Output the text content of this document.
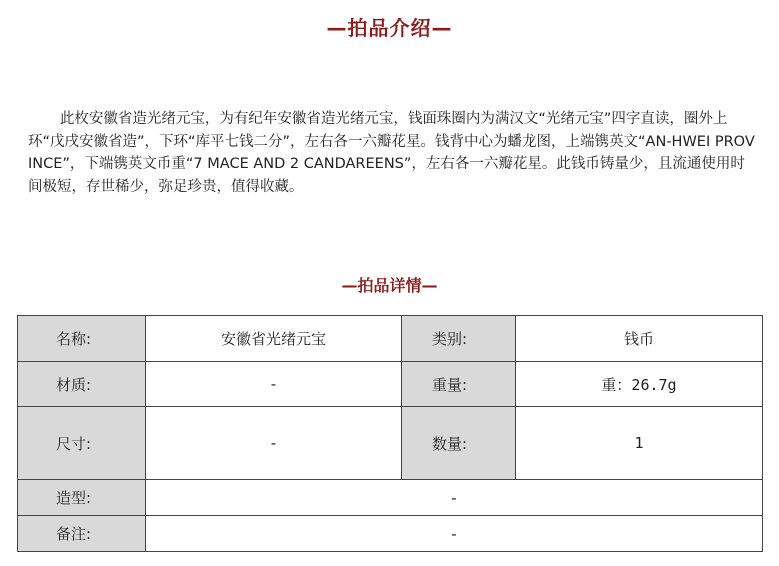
—拍品介绍—

此枚安徽省造光绪元宝，为有纪年安徽省造光绪元宝，钱面珠圈内为满汉文“光绪元宝”四字直读，圈外上环“戊戌安徽省造”，下环“库平七钱二分”，左右各一六瓣花星。钱背中心为蟠龙图，上端镌英文“AN-HWEI PROVINCE”，下端镌英文币重“7 MACE AND 2 CANDAREENS”，左右各一六瓣花星。此钱币铸量少，且流通使用时间极短，存世稀少，弥足珍贵，值得收藏。

—拍品详情—
名称:	安徽省光绪元宝	类别:	钱币
材质:	-	重量:	重：26.7g
尺寸:	-	数量:	1
造型:	-		
备注:	-		
